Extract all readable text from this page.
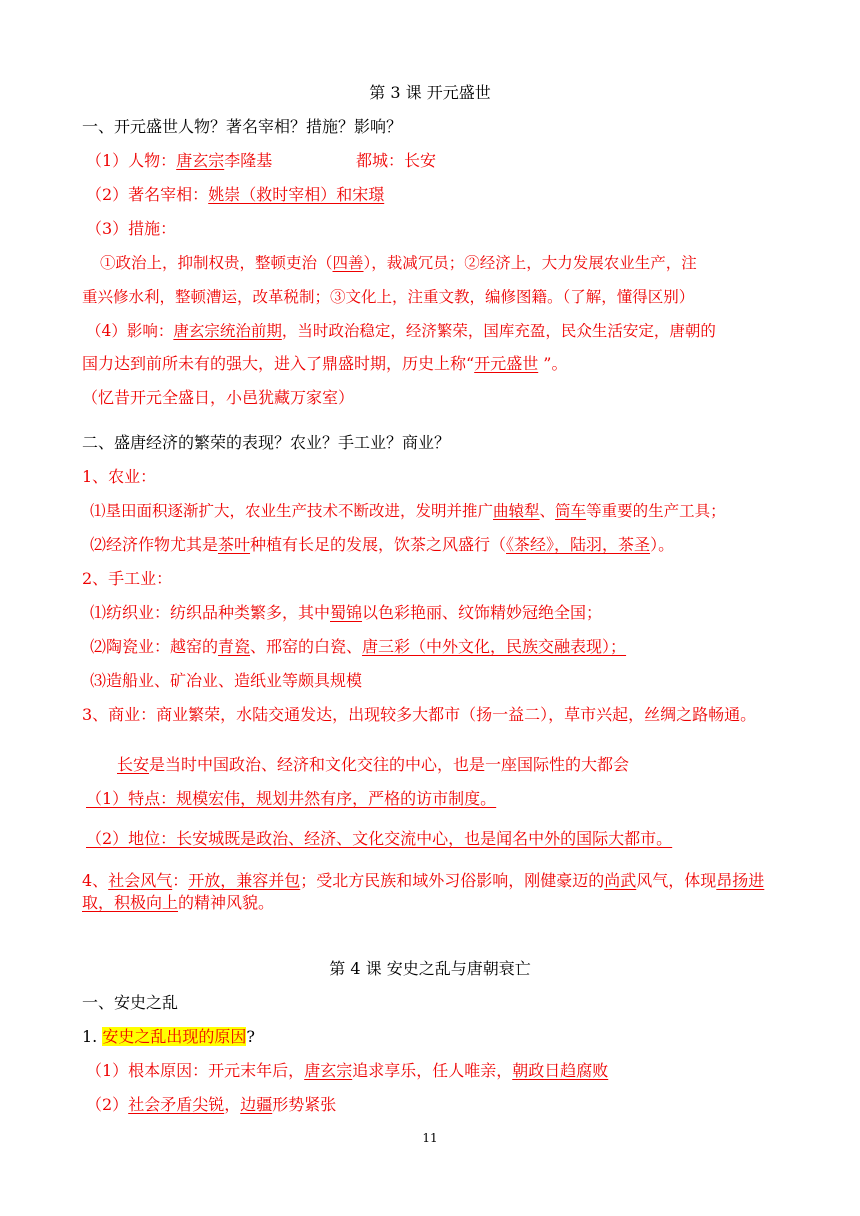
第 3 课 开元盛世
一、开元盛世人物？著名宰相？措施？影响？
（1）人物：唐玄宗李隆基	都城：长安
（2）著名宰相：姚崇（救时宰相）和宋璟
（3）措施：
①政治上，抑制权贵，整顿吏治（四善），裁减冗员；②经济上，大力发展农业生产，注
重兴修水利，整顿漕运，改革税制；③文化上，注重文教，编修图籍。（了解，懂得区别）
（4）影响：唐玄宗统治前期，当时政治稳定，经济繁荣，国库充盈，民众生活安定，唐朝的
国力达到前所未有的强大，进入了鼎盛时期，历史上称“开元盛世 ”。
（忆昔开元全盛日，小邑犹藏万家室）
二、盛唐经济的繁荣的表现？农业？手工业？商业？
1、农业：
⑴垦田面积逐渐扩大，农业生产技术不断改进，发明并推广曲辕犁、筒车等重要的生产工具；
⑵经济作物尤其是茶叶种植有长足的发展，饮茶之风盛行（《茶经》，陆羽，茶圣）。
2、手工业：
⑴纺织业：纺织品种类繁多，其中蜀锦以色彩艳丽、纹饰精妙冠绝全国；
⑵陶瓷业：越窑的青瓷、邢窑的白瓷、唐三彩（中外文化，民族交融表现）；
⑶造船业、矿冶业、造纸业等颇具规模
3、商业：商业繁荣，水陆交通发达，出现较多大都市（扬一益二），草市兴起，丝绸之路畅通。
长安是当时中国政治、经济和文化交往的中心，也是一座国际性的大都会
（1）特点：规模宏伟，规划井然有序，严格的访市制度。
（2）地位：长安城既是政治、经济、文化交流中心，也是闻名中外的国际大都市。
4、社会风气：开放，兼容并包；受北方民族和域外习俗影响，刚健豪迈的尚武风气，体现昂扬进取，积极向上的精神风貌。
第 4 课 安史之乱与唐朝衰亡
一、安史之乱
1. 安史之乱出现的原因?
（1）根本原因：开元末年后，唐玄宗追求享乐，任人唯亲，朝政日趋腐败
（2）社会矛盾尖锐，边疆形势紧张
11
